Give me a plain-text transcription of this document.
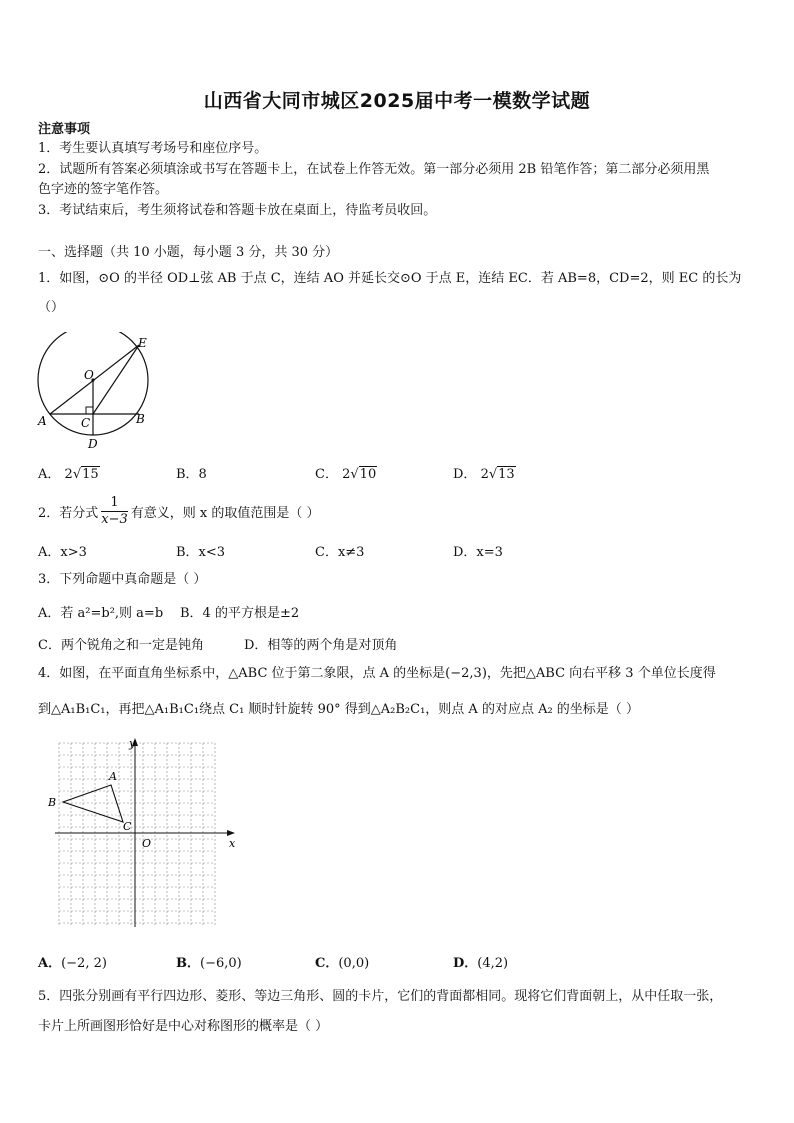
山西省大同市城区2025届中考一模数学试题
注意事项
1．考生要认真填写考场号和座位序号。
2．试题所有答案必须填涂或书写在答题卡上，在试卷上作答无效。第一部分必须用 2B 铅笔作答；第二部分必须用黑
色字迹的签字笔作答。
3．考试结束后，考生须将试卷和答题卡放在桌面上，待监考员收回。
一、选择题（共 10 小题，每小题 3 分，共 30 分）
1．如图，⊙O 的半径 OD⊥弦 AB 于点 C，连结 AO 并延长交⊙O 于点 E，连结 EC．若 AB=8，CD=2，则 EC 的长为
（）
O
E
A	B
C
D
A． 2√15	B．8	C． 2√10	D． 2√13
2．若分式 $\frac{1}{x-3}$ 有意义，则 x 的取值范围是（ ）
A．x>3	B．x<3	C．x≠3	D．x=3
3．下列命题中真命题是（ ）
A．若 a²=b²,则 a=b B．4 的平方根是±2
C．两个锐角之和一定是钝角	D．相等的两个角是对顶角
4．如图，在平面直角坐标系中，△ABC 位于第二象限，点 A 的坐标是(−2,3)，先把△ABC 向右平移 3 个单位长度得
到△A₁B₁C₁，再把△A₁B₁C₁绕点 C₁ 顺时针旋转 90° 得到△A₂B₂C₁，则点 A 的对应点 A₂ 的坐标是（ ）
y
x
O
A
B
C
A．(−2, 2)	B．(−6,0)	C．(0,0)	D．(4,2)
5．四张分别画有平行四边形、菱形、等边三角形、圆的卡片，它们的背面都相同。现将它们背面朝上，从中任取一张，
卡片上所画图形恰好是中心对称图形的概率是（ ）
